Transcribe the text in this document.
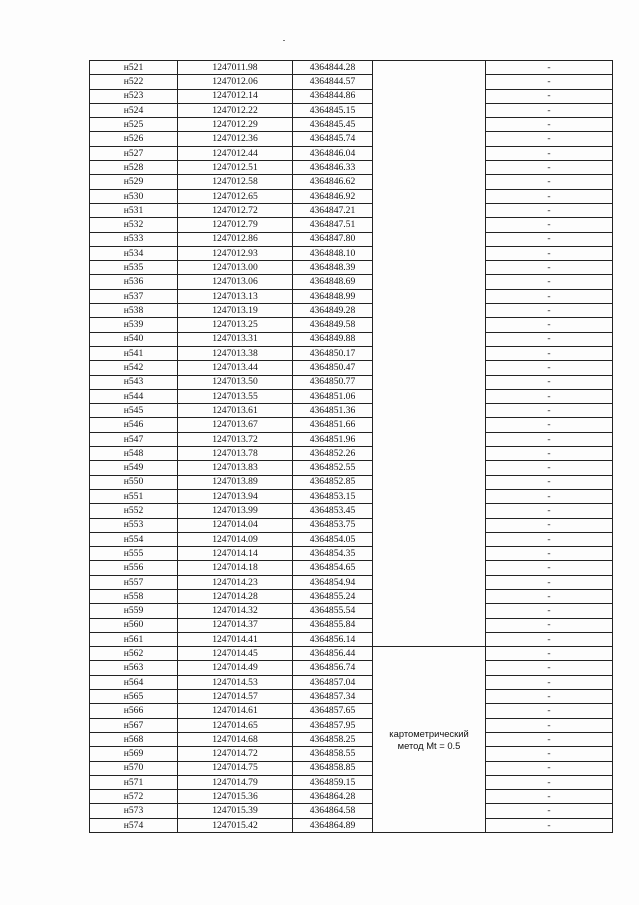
н521	1247011.98	4364844.28		-
н522	1247012.06	4364844.57		-
н523	1247012.14	4364844.86		-
н524	1247012.22	4364845.15		-
н525	1247012.29	4364845.45		-
н526	1247012.36	4364845.74		-
н527	1247012.44	4364846.04		-
н528	1247012.51	4364846.33		-
н529	1247012.58	4364846.62		-
н530	1247012.65	4364846.92		-
н531	1247012.72	4364847.21		-
н532	1247012.79	4364847.51		-
н533	1247012.86	4364847.80		-
н534	1247012.93	4364848.10		-
н535	1247013.00	4364848.39		-
н536	1247013.06	4364848.69		-
н537	1247013.13	4364848.99		-
н538	1247013.19	4364849.28		-
н539	1247013.25	4364849.58		-
н540	1247013.31	4364849.88		-
н541	1247013.38	4364850.17		-
н542	1247013.44	4364850.47		-
н543	1247013.50	4364850.77		-
н544	1247013.55	4364851.06		-
н545	1247013.61	4364851.36		-
н546	1247013.67	4364851.66		-
н547	1247013.72	4364851.96		-
н548	1247013.78	4364852.26		-
н549	1247013.83	4364852.55		-
н550	1247013.89	4364852.85		-
н551	1247013.94	4364853.15		-
н552	1247013.99	4364853.45		-
н553	1247014.04	4364853.75		-
н554	1247014.09	4364854.05		-
н555	1247014.14	4364854.35		-
н556	1247014.18	4364854.65		-
н557	1247014.23	4364854.94		-
н558	1247014.28	4364855.24		-
н559	1247014.32	4364855.54		-
н560	1247014.37	4364855.84		-
н561	1247014.41	4364856.14		-
н562	1247014.45	4364856.44	картометрический
метод Mt = 0.5	-
н563	1247014.49	4364856.74		-
н564	1247014.53	4364857.04		-
н565	1247014.57	4364857.34		-
н566	1247014.61	4364857.65		-
н567	1247014.65	4364857.95		-
н568	1247014.68	4364858.25		-
н569	1247014.72	4364858.55		-
н570	1247014.75	4364858.85		-
н571	1247014.79	4364859.15		-
н572	1247015.36	4364864.28		-
н573	1247015.39	4364864.58		-
н574	1247015.42	4364864.89		-
